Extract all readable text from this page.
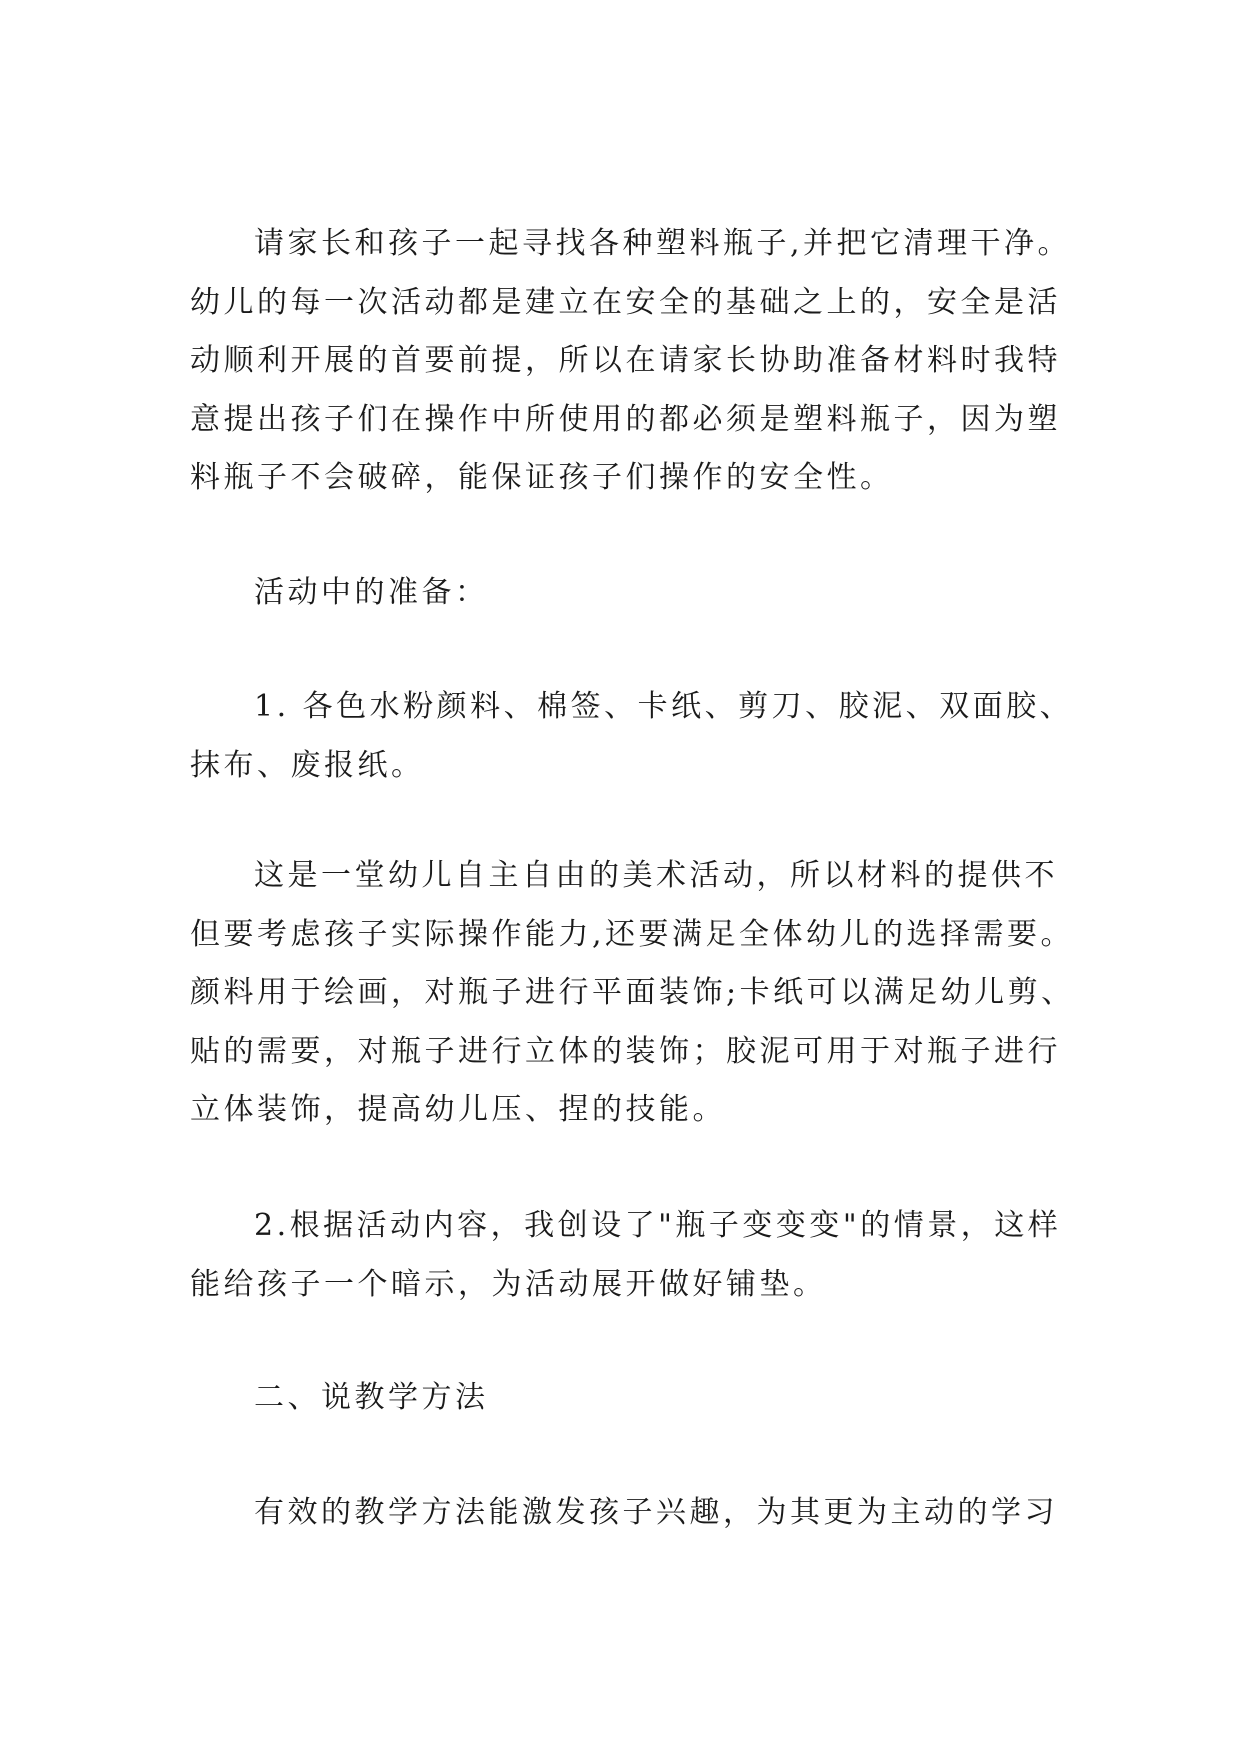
请家长和孩子一起寻找各种塑料瓶子,并把它清理干净。
幼儿的每一次活动都是建立在安全的基础之上的，安全是活
动顺利开展的首要前提，所以在请家长协助准备材料时我特
意提出孩子们在操作中所使用的都必须是塑料瓶子，因为塑
料瓶子不会破碎，能保证孩子们操作的安全性。

活动中的准备：

1. 各色水粉颜料、棉签、卡纸、剪刀、胶泥、双面胶、
抹布、废报纸。

这是一堂幼儿自主自由的美术活动，所以材料的提供不
但要考虑孩子实际操作能力,还要满足全体幼儿的选择需要。
颜料用于绘画，对瓶子进行平面装饰;卡纸可以满足幼儿剪、
贴的需要，对瓶子进行立体的装饰；胶泥可用于对瓶子进行
立体装饰，提高幼儿压、捏的技能。

2.根据活动内容，我创设了"瓶子变变变"的情景，这样
能给孩子一个暗示，为活动展开做好铺垫。

二、说教学方法

有效的教学方法能激发孩子兴趣，为其更为主动的学习
